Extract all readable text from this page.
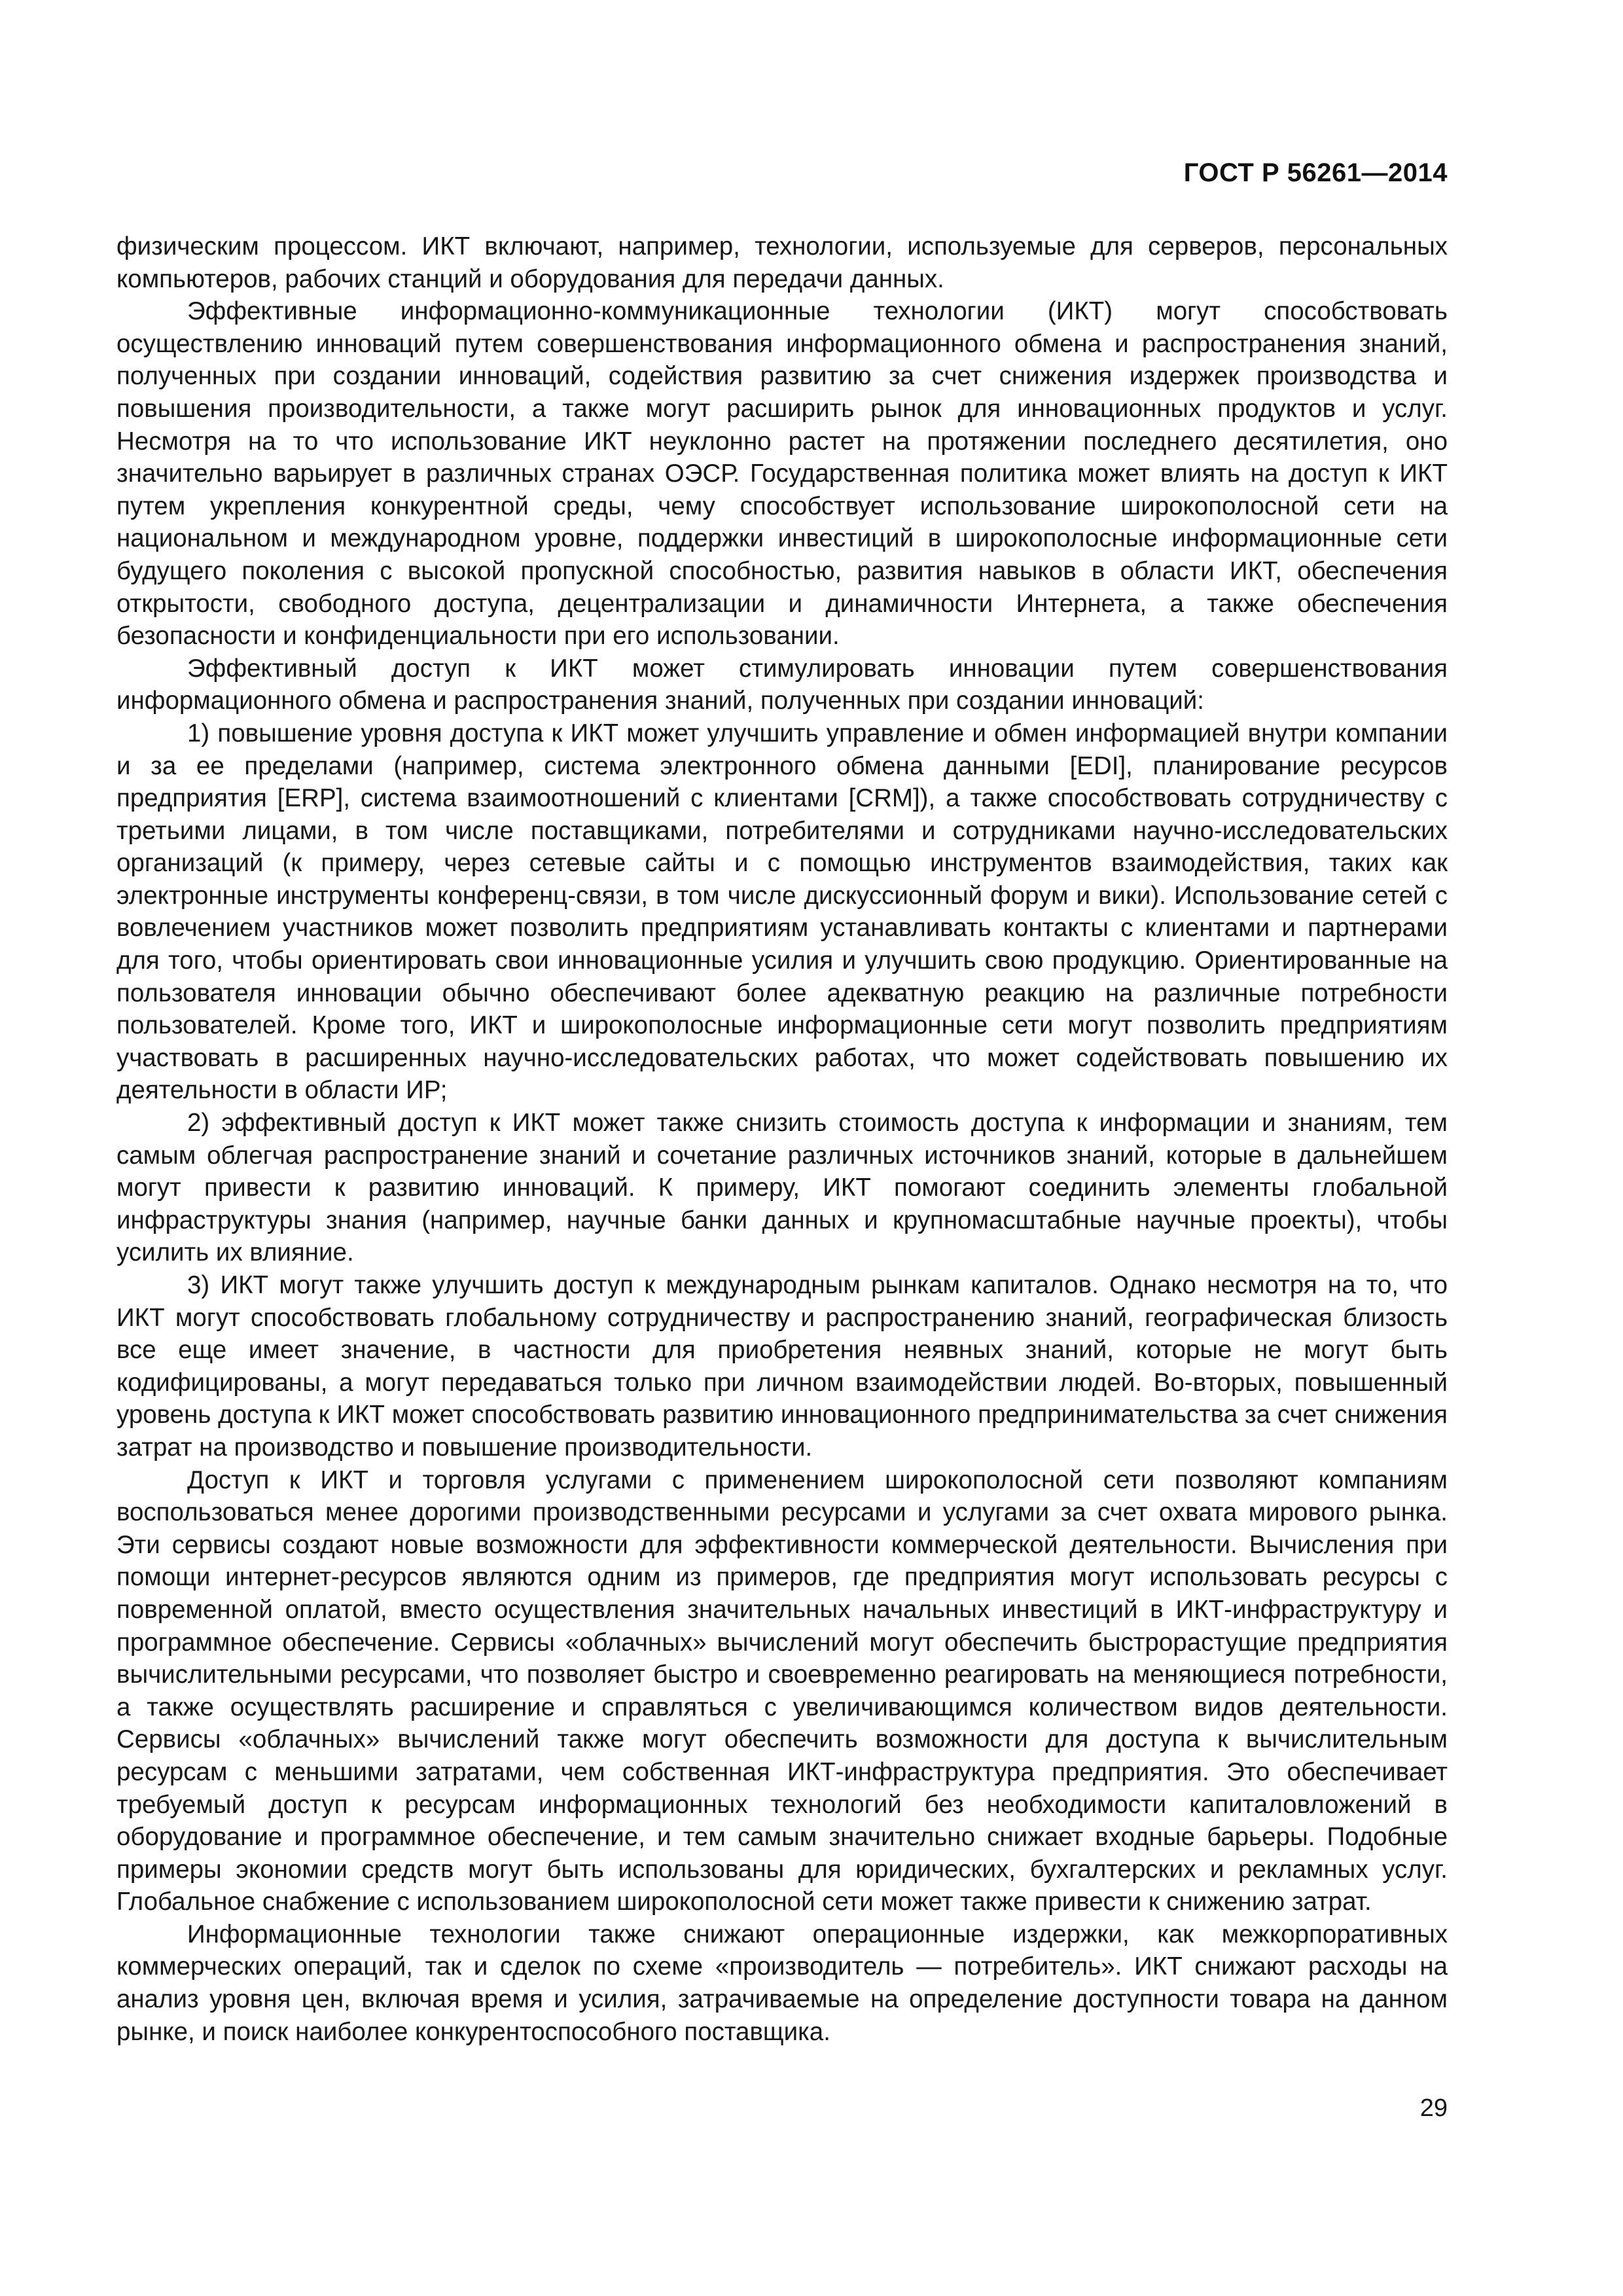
ГОСТ Р 56261—2014

физическим процессом. ИКТ включают, например, технологии, используемые для серверов, персональных компьютеров, рабочих станций и оборудования для передачи данных.

Эффективные информационно-коммуникационные технологии (ИКТ) могут способствовать осуществлению инноваций путем совершенствования информационного обмена и распространения знаний, полученных при создании инноваций, содействия развитию за счет снижения издержек производства и повышения производительности, а также могут расширить рынок для инновационных продуктов и услуг. Несмотря на то что использование ИКТ неуклонно растет на протяжении последнего десятилетия, оно значительно варьирует в различных странах ОЭСР. Государственная политика может влиять на доступ к ИКТ путем укрепления конкурентной среды, чему способствует использование широкополосной сети на национальном и международном уровне, поддержки инвестиций в широкополосные информационные сети будущего поколения с высокой пропускной способностью, развития навыков в области ИКТ, обеспечения открытости, свободного доступа, децентрализации и динамичности Интернета, а также обеспечения безопасности и конфиденциальности при его использовании.

Эффективный доступ к ИКТ может стимулировать инновации путем совершенствования информационного обмена и распространения знаний, полученных при создании инноваций:

1) повышение уровня доступа к ИКТ может улучшить управление и обмен информацией внутри компании и за ее пределами (например, система электронного обмена данными [EDI], планирование ресурсов предприятия [ERP], система взаимоотношений с клиентами [CRM]), а также способствовать сотрудничеству с третьими лицами, в том числе поставщиками, потребителями и сотрудниками научно-исследовательских организаций (к примеру, через сетевые сайты и с помощью инструментов взаимодействия, таких как электронные инструменты конференц-связи, в том числе дискуссионный форум и вики). Использование сетей с вовлечением участников может позволить предприятиям устанавливать контакты с клиентами и партнерами для того, чтобы ориентировать свои инновационные усилия и улучшить свою продукцию. Ориентированные на пользователя инновации обычно обеспечивают более адекватную реакцию на различные потребности пользователей. Кроме того, ИКТ и широкополосные информационные сети могут позволить предприятиям участвовать в расширенных научно-исследовательских работах, что может содействовать повышению их деятельности в области ИР;

2) эффективный доступ к ИКТ может также снизить стоимость доступа к информации и знаниям, тем самым облегчая распространение знаний и сочетание различных источников знаний, которые в дальнейшем могут привести к развитию инноваций. К примеру, ИКТ помогают соединить элементы глобальной инфраструктуры знания (например, научные банки данных и крупномасштабные научные проекты), чтобы усилить их влияние.

3) ИКТ могут также улучшить доступ к международным рынкам капиталов. Однако несмотря на то, что ИКТ могут способствовать глобальному сотрудничеству и распространению знаний, географическая близость все еще имеет значение, в частности для приобретения неявных знаний, которые не могут быть кодифицированы, а могут передаваться только при личном взаимодействии людей. Во-вторых, повышенный уровень доступа к ИКТ может способствовать развитию инновационного предпринимательства за счет снижения затрат на производство и повышение производительности.

Доступ к ИКТ и торговля услугами с применением широкополосной сети позволяют компаниям воспользоваться менее дорогими производственными ресурсами и услугами за счет охвата мирового рынка. Эти сервисы создают новые возможности для эффективности коммерческой деятельности. Вычисления при помощи интернет-ресурсов являются одним из примеров, где предприятия могут использовать ресурсы с повременной оплатой, вместо осуществления значительных начальных инвестиций в ИКТ-инфраструктуру и программное обеспечение. Сервисы «облачных» вычислений могут обеспечить быстрорастущие предприятия вычислительными ресурсами, что позволяет быстро и своевременно реагировать на меняющиеся потребности, а также осуществлять расширение и справляться с увеличивающимся количеством видов деятельности. Сервисы «облачных» вычислений также могут обеспечить возможности для доступа к вычислительным ресурсам с меньшими затратами, чем собственная ИКТ-инфраструктура предприятия. Это обеспечивает требуемый доступ к ресурсам информационных технологий без необходимости капиталовложений в оборудование и программное обеспечение, и тем самым значительно снижает входные барьеры. Подобные примеры экономии средств могут быть использованы для юридических, бухгалтерских и рекламных услуг. Глобальное снабжение с использованием широкополосной сети может также привести к снижению затрат.

Информационные технологии также снижают операционные издержки, как межкорпоративных коммерческих операций, так и сделок по схеме «производитель — потребитель». ИКТ снижают расходы на анализ уровня цен, включая время и усилия, затрачиваемые на определение доступности товара на данном рынке, и поиск наиболее конкурентоспособного поставщика.

29
